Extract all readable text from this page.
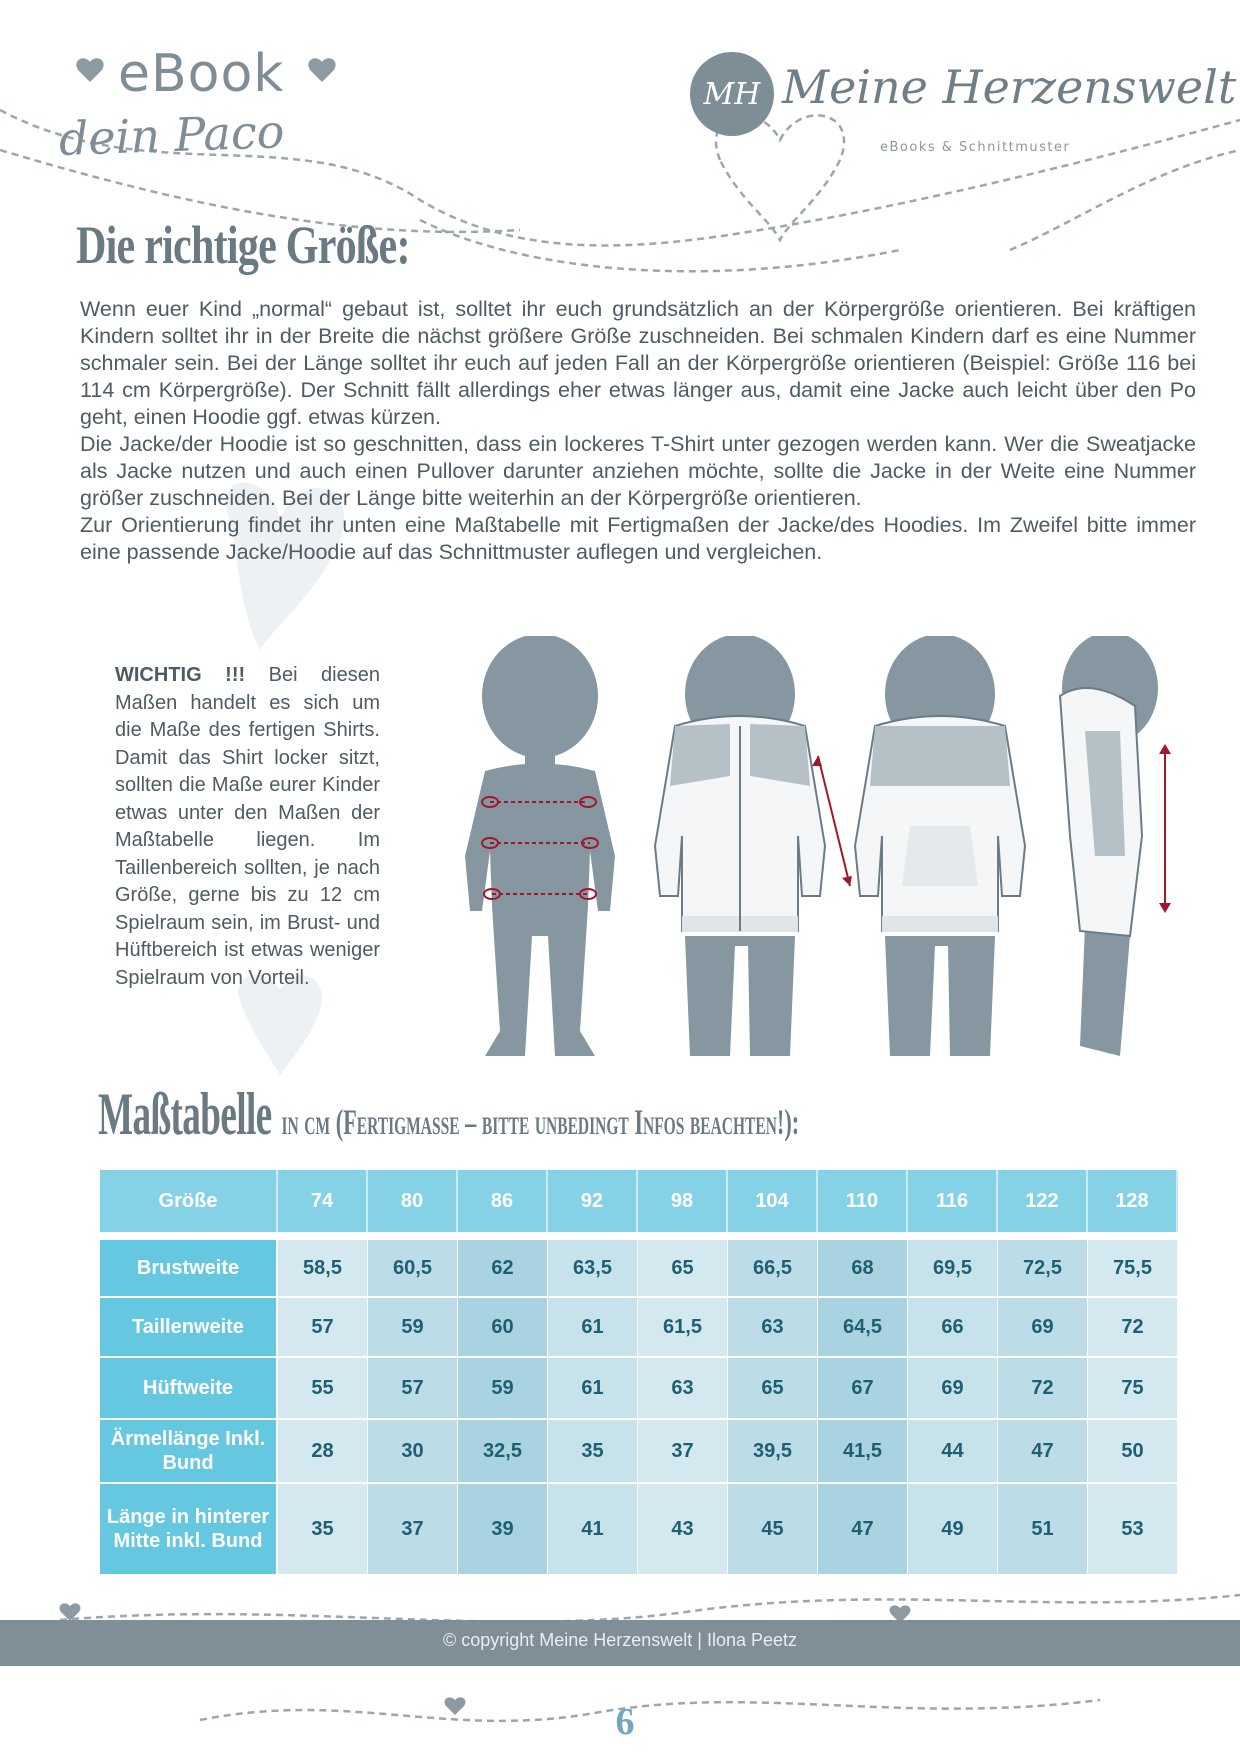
eBook
dein Paco
MH Meine Herzenswelt
eBooks & Schnittmuster
Die richtige Größe:

Wenn euer Kind „normal“ gebaut ist, solltet ihr euch grundsätzlich an der Körpergröße orientieren. Bei kräftigen Kindern solltet ihr in der Breite die nächst größere Größe zuschneiden. Bei schmalen Kindern darf es eine Nummer schmaler sein. Bei der Länge solltet ihr euch auf jeden Fall an der Körpergröße orientieren (Beispiel: Größe 116 bei 114 cm Körpergröße). Der Schnitt fällt allerdings eher etwas länger aus, damit eine Jacke auch leicht über den Po geht, einen Hoodie ggf. etwas kürzen.

Die Jacke/der Hoodie ist so geschnitten, dass ein lockeres T-Shirt unter gezogen werden kann. Wer die Sweatjacke als Jacke nutzen und auch einen Pullover darunter anziehen möchte, sollte die Jacke in der Weite eine Nummer größer zuschneiden. Bei der Länge bitte weiterhin an der Körpergröße orientieren.

Zur Orientierung findet ihr unten eine Maßtabelle mit Fertigmaßen der Jacke/des Hoodies. Im Zweifel bitte immer eine passende Jacke/Hoodie auf das Schnittmuster auflegen und vergleichen.

WICHTIG !!! Bei diesen Maßen handelt es sich um die Maße des fertigen Shirts. Damit das Shirt locker sitzt, sollten die Maße eurer Kinder etwas unter den Maßen der Maßtabelle liegen. Im Taillenbereich sollten, je nach Größe, gerne bis zu 12 cm Spielraum sein, im Brust- und Hüftbereich ist etwas weniger Spielraum von Vorteil.
Maßtabelle in cm (Fertigmaße – bitte unbedingt Infos beachten!):
Größe	74	80	86	92	98	104	110	116	122	128

Brustweite	58,5	60,5	62	63,5	65	66,5	68	69,5	72,5	75,5
Taillenweite	57	59	60	61	61,5	63	64,5	66	69	72
Hüftweite	55	57	59	61	63	65	67	69	72	75
Ärmellänge Inkl. Bund	28	30	32,5	35	37	39,5	41,5	44	47	50
Länge in hinterer Mitte inkl. Bund	35	37	39	41	43	45	47	49	51	53
© copyright Meine Herzenswelt | Ilona Peetz
6
